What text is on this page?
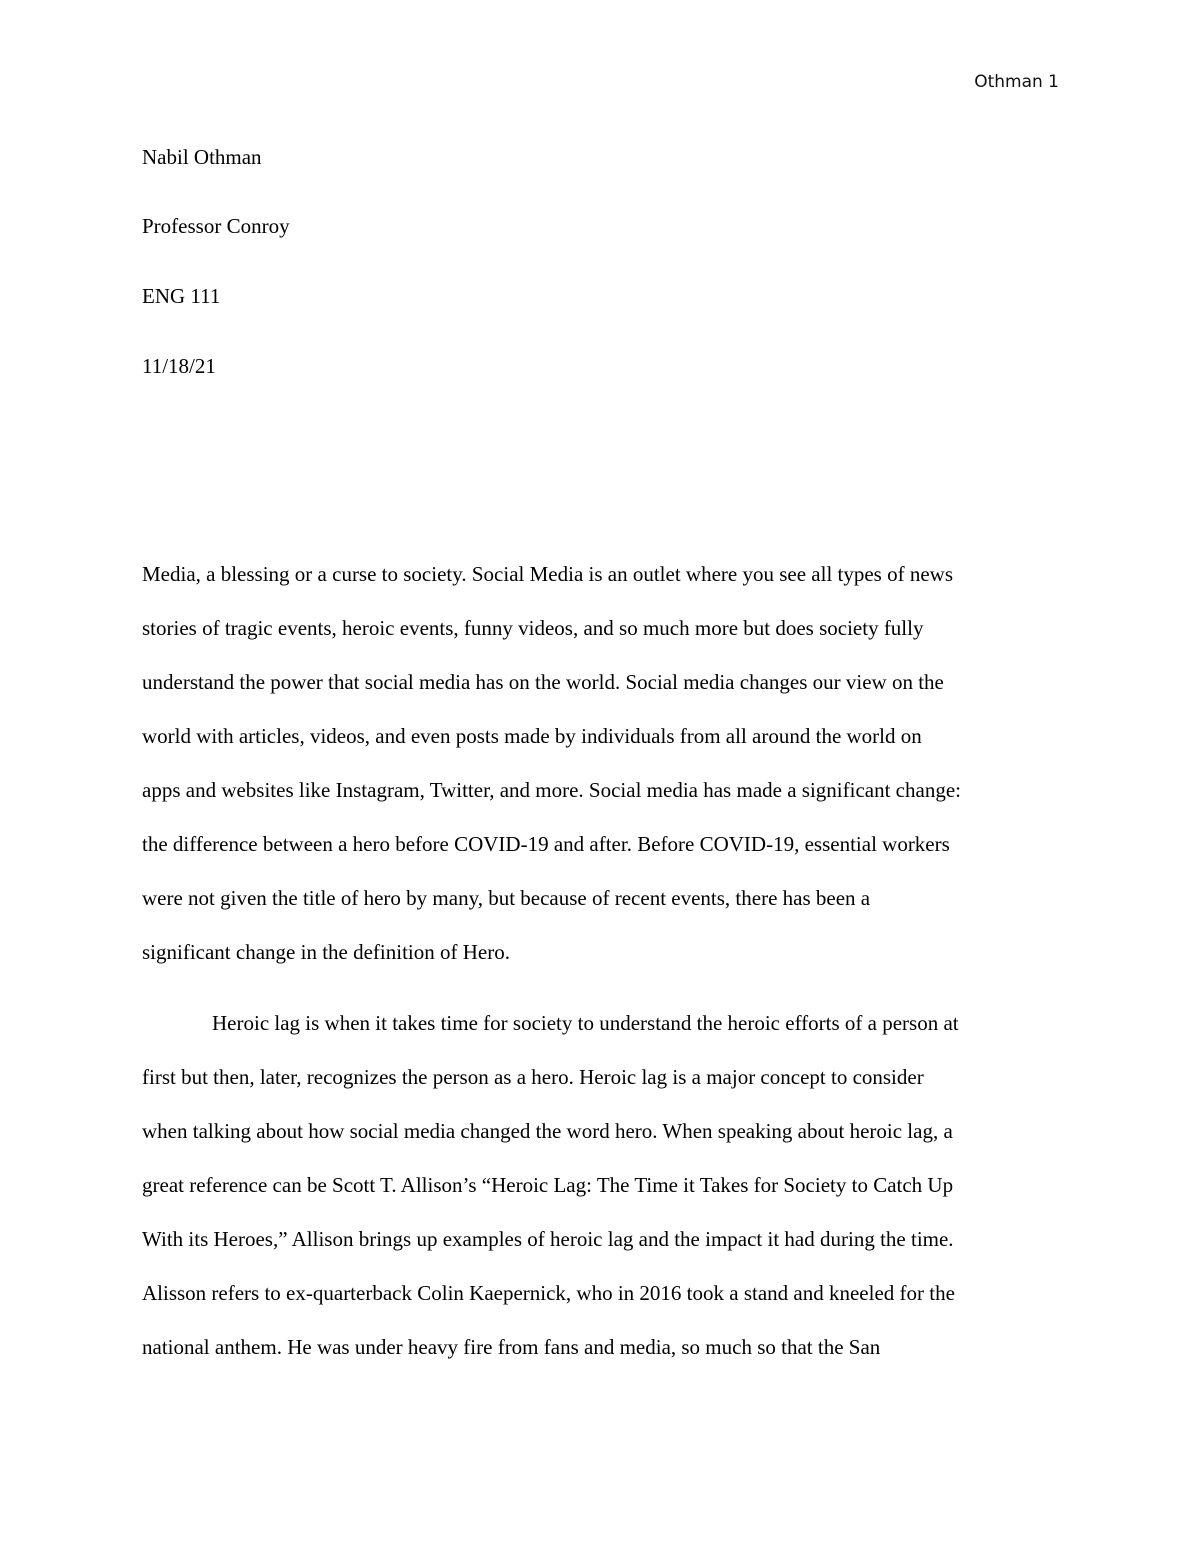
Othman 1
Nabil Othman
Professor Conroy
ENG 111
11/18/21
Media, a blessing or a curse to society. Social Media is an outlet where you see all types of news
stories of tragic events, heroic events, funny videos, and so much more but does society fully
understand the power that social media has on the world. Social media changes our view on the
world with articles, videos, and even posts made by individuals from all around the world on
apps and websites like Instagram, Twitter, and more. Social media has made a significant change:
the difference between a hero before COVID-19 and after. Before COVID-19, essential workers
were not given the title of hero by many, but because of recent events, there has been a
significant change in the definition of Hero.
Heroic lag is when it takes time for society to understand the heroic efforts of a person at
first but then, later, recognizes the person as a hero. Heroic lag is a major concept to consider
when talking about how social media changed the word hero. When speaking about heroic lag, a
great reference can be Scott T. Allison’s “Heroic Lag: The Time it Takes for Society to Catch Up
With its Heroes,” Allison brings up examples of heroic lag and the impact it had during the time.
Alisson refers to ex-quarterback Colin Kaepernick, who in 2016 took a stand and kneeled for the
national anthem. He was under heavy fire from fans and media, so much so that the San
